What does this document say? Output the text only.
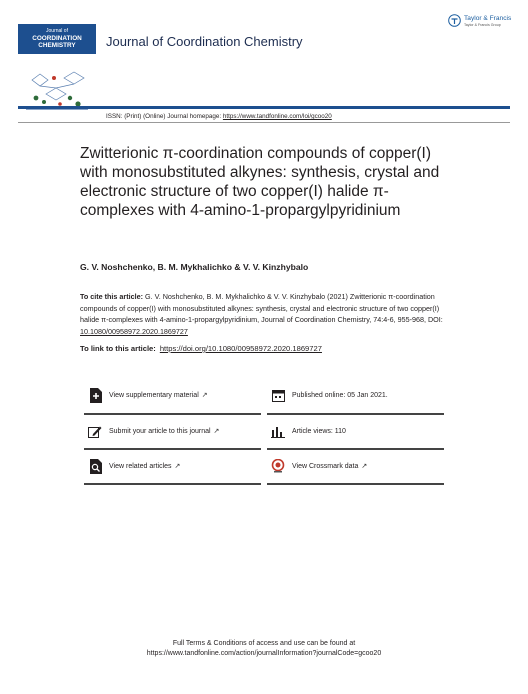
Journal of
COORDINATION
CHEMISTRY	Journal of Coordination Chemistry
Taylor & Francis
Taylor & Francis Group
ISSN: (Print) (Online) Journal homepage: https://www.tandfonline.com/loi/gcoo20
Zwitterionic π-coordination compounds of copper(I) with monosubstituted alkynes: synthesis, crystal and electronic structure of two copper(I) halide π-complexes with 4-amino-1-propargylpyridinium
G. V. Noshchenko, B. M. Mykhalichko & V. V. Kinzhybalo
To cite this article: G. V. Noshchenko, B. M. Mykhalichko & V. V. Kinzhybalo (2021) Zwitterionic π-coordination compounds of copper(I) with monosubstituted alkynes: synthesis, crystal and electronic structure of two copper(I) halide π-complexes with 4-amino-1-propargylpyridinium, Journal of Coordination Chemistry, 74:4-6, 955-968, DOI: 10.1080/00958972.2020.1869727
To link to this article: https://doi.org/10.1080/00958972.2020.1869727
View supplementary material ↗	Published online: 05 Jan 2021.
Submit your article to this journal ↗	Article views: 110
View related articles ↗	View Crossmark data ↗
Full Terms & Conditions of access and use can be found at
https://www.tandfonline.com/action/journalInformation?journalCode=gcoo20
